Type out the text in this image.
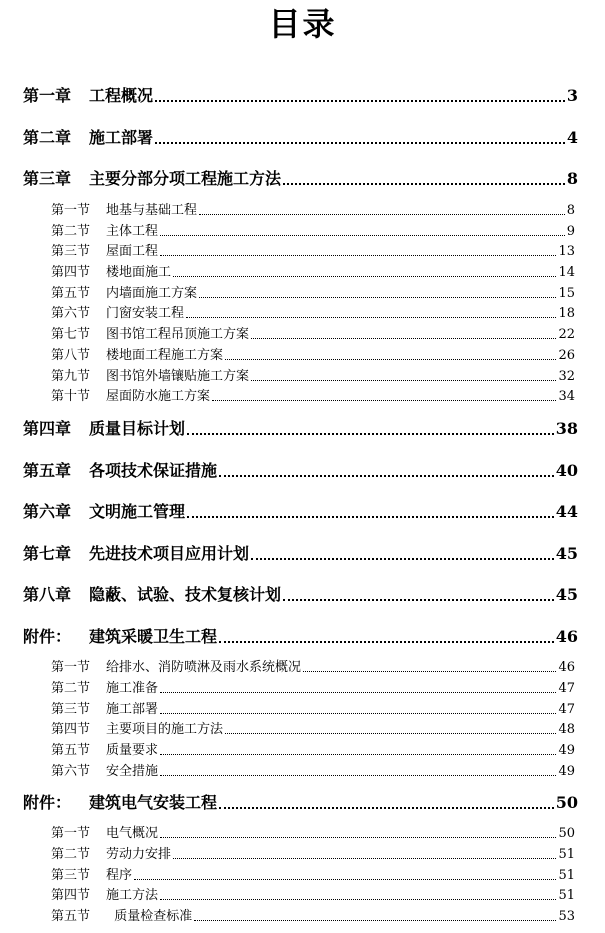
目录
第一章	工程概况	3
第二章	施工部署	4
第三章	主要分部分项工程施工方法	8
第一节	地基与基础工程	8
第二节	主体工程	9
第三节	屋面工程	13
第四节	楼地面施工	14
第五节	内墙面施工方案	15
第六节	门窗安装工程	18
第七节	图书馆工程吊顶施工方案	22
第八节	楼地面工程施工方案	26
第九节	图书馆外墙镶贴施工方案	32
第十节	屋面防水施工方案	34
第四章	质量目标计划	38
第五章	各项技术保证措施	40
第六章	文明施工管理	44
第七章	先进技术项目应用计划	45
第八章	隐蔽、试验、技术复核计划	45
附件：	建筑采暖卫生工程	46
第一节	给排水、消防喷淋及雨水系统概况	46
第二节	施工准备	47
第三节	施工部署	47
第四节	主要项目的施工方法	48
第五节	质量要求	49
第六节	安全措施	49
附件：	建筑电气安装工程	50
第一节	电气概况	50
第二节	劳动力安排	51
第三节	程序	51
第四节	施工方法	51
第五节	质量检查标准	53
